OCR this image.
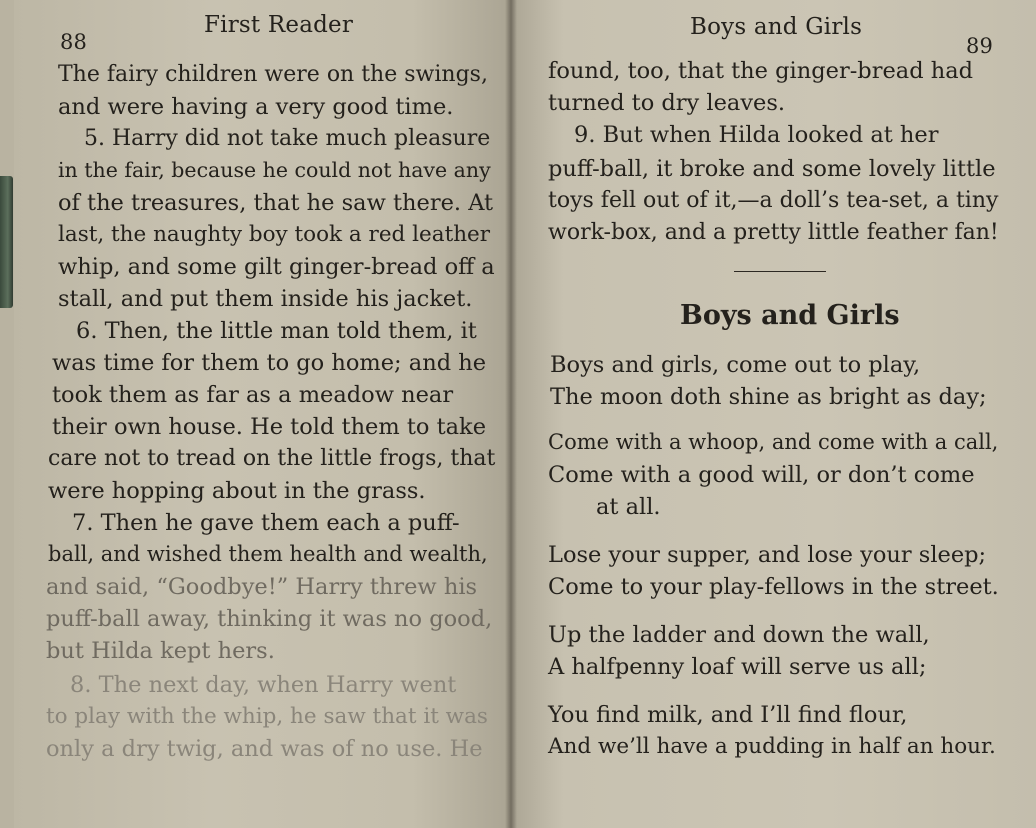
88
First Reader
The fairy children were on the swings,
and were having a very good time.
5. Harry did not take much pleasure
in the fair, because he could not have any
of the treasures, that he saw there. At
last, the naughty boy took a red leather
whip, and some gilt ginger-bread off a
stall, and put them inside his jacket.
6. Then, the little man told them, it
was time for them to go home; and he
took them as far as a meadow near
their own house. He told them to take
care not to tread on the little frogs, that
were hopping about in the grass.
7. Then he gave them each a puff-
ball, and wished them health and wealth,
and said, “Goodbye!” Harry threw his
puff-ball away, thinking it was no good,
but Hilda kept hers.
8. The next day, when Harry went
to play with the whip, he saw that it was
only a dry twig, and was of no use. He
Boys and Girls
89
found, too, that the ginger-bread had
turned to dry leaves.
9. But when Hilda looked at her
puff-ball, it broke and some lovely little
toys fell out of it,—a doll’s tea-set, a tiny
work-box, and a pretty little feather fan!
Boys and Girls
Boys and girls, come out to play,
The moon doth shine as bright as day;
Come with a whoop, and come with a call,
Come with a good will, or don’t come
at all.
Lose your supper, and lose your sleep;
Come to your play-fellows in the street.
Up the ladder and down the wall,
A halfpenny loaf will serve us all;
You find milk, and I’ll find flour,
And we’ll have a pudding in half an hour.
